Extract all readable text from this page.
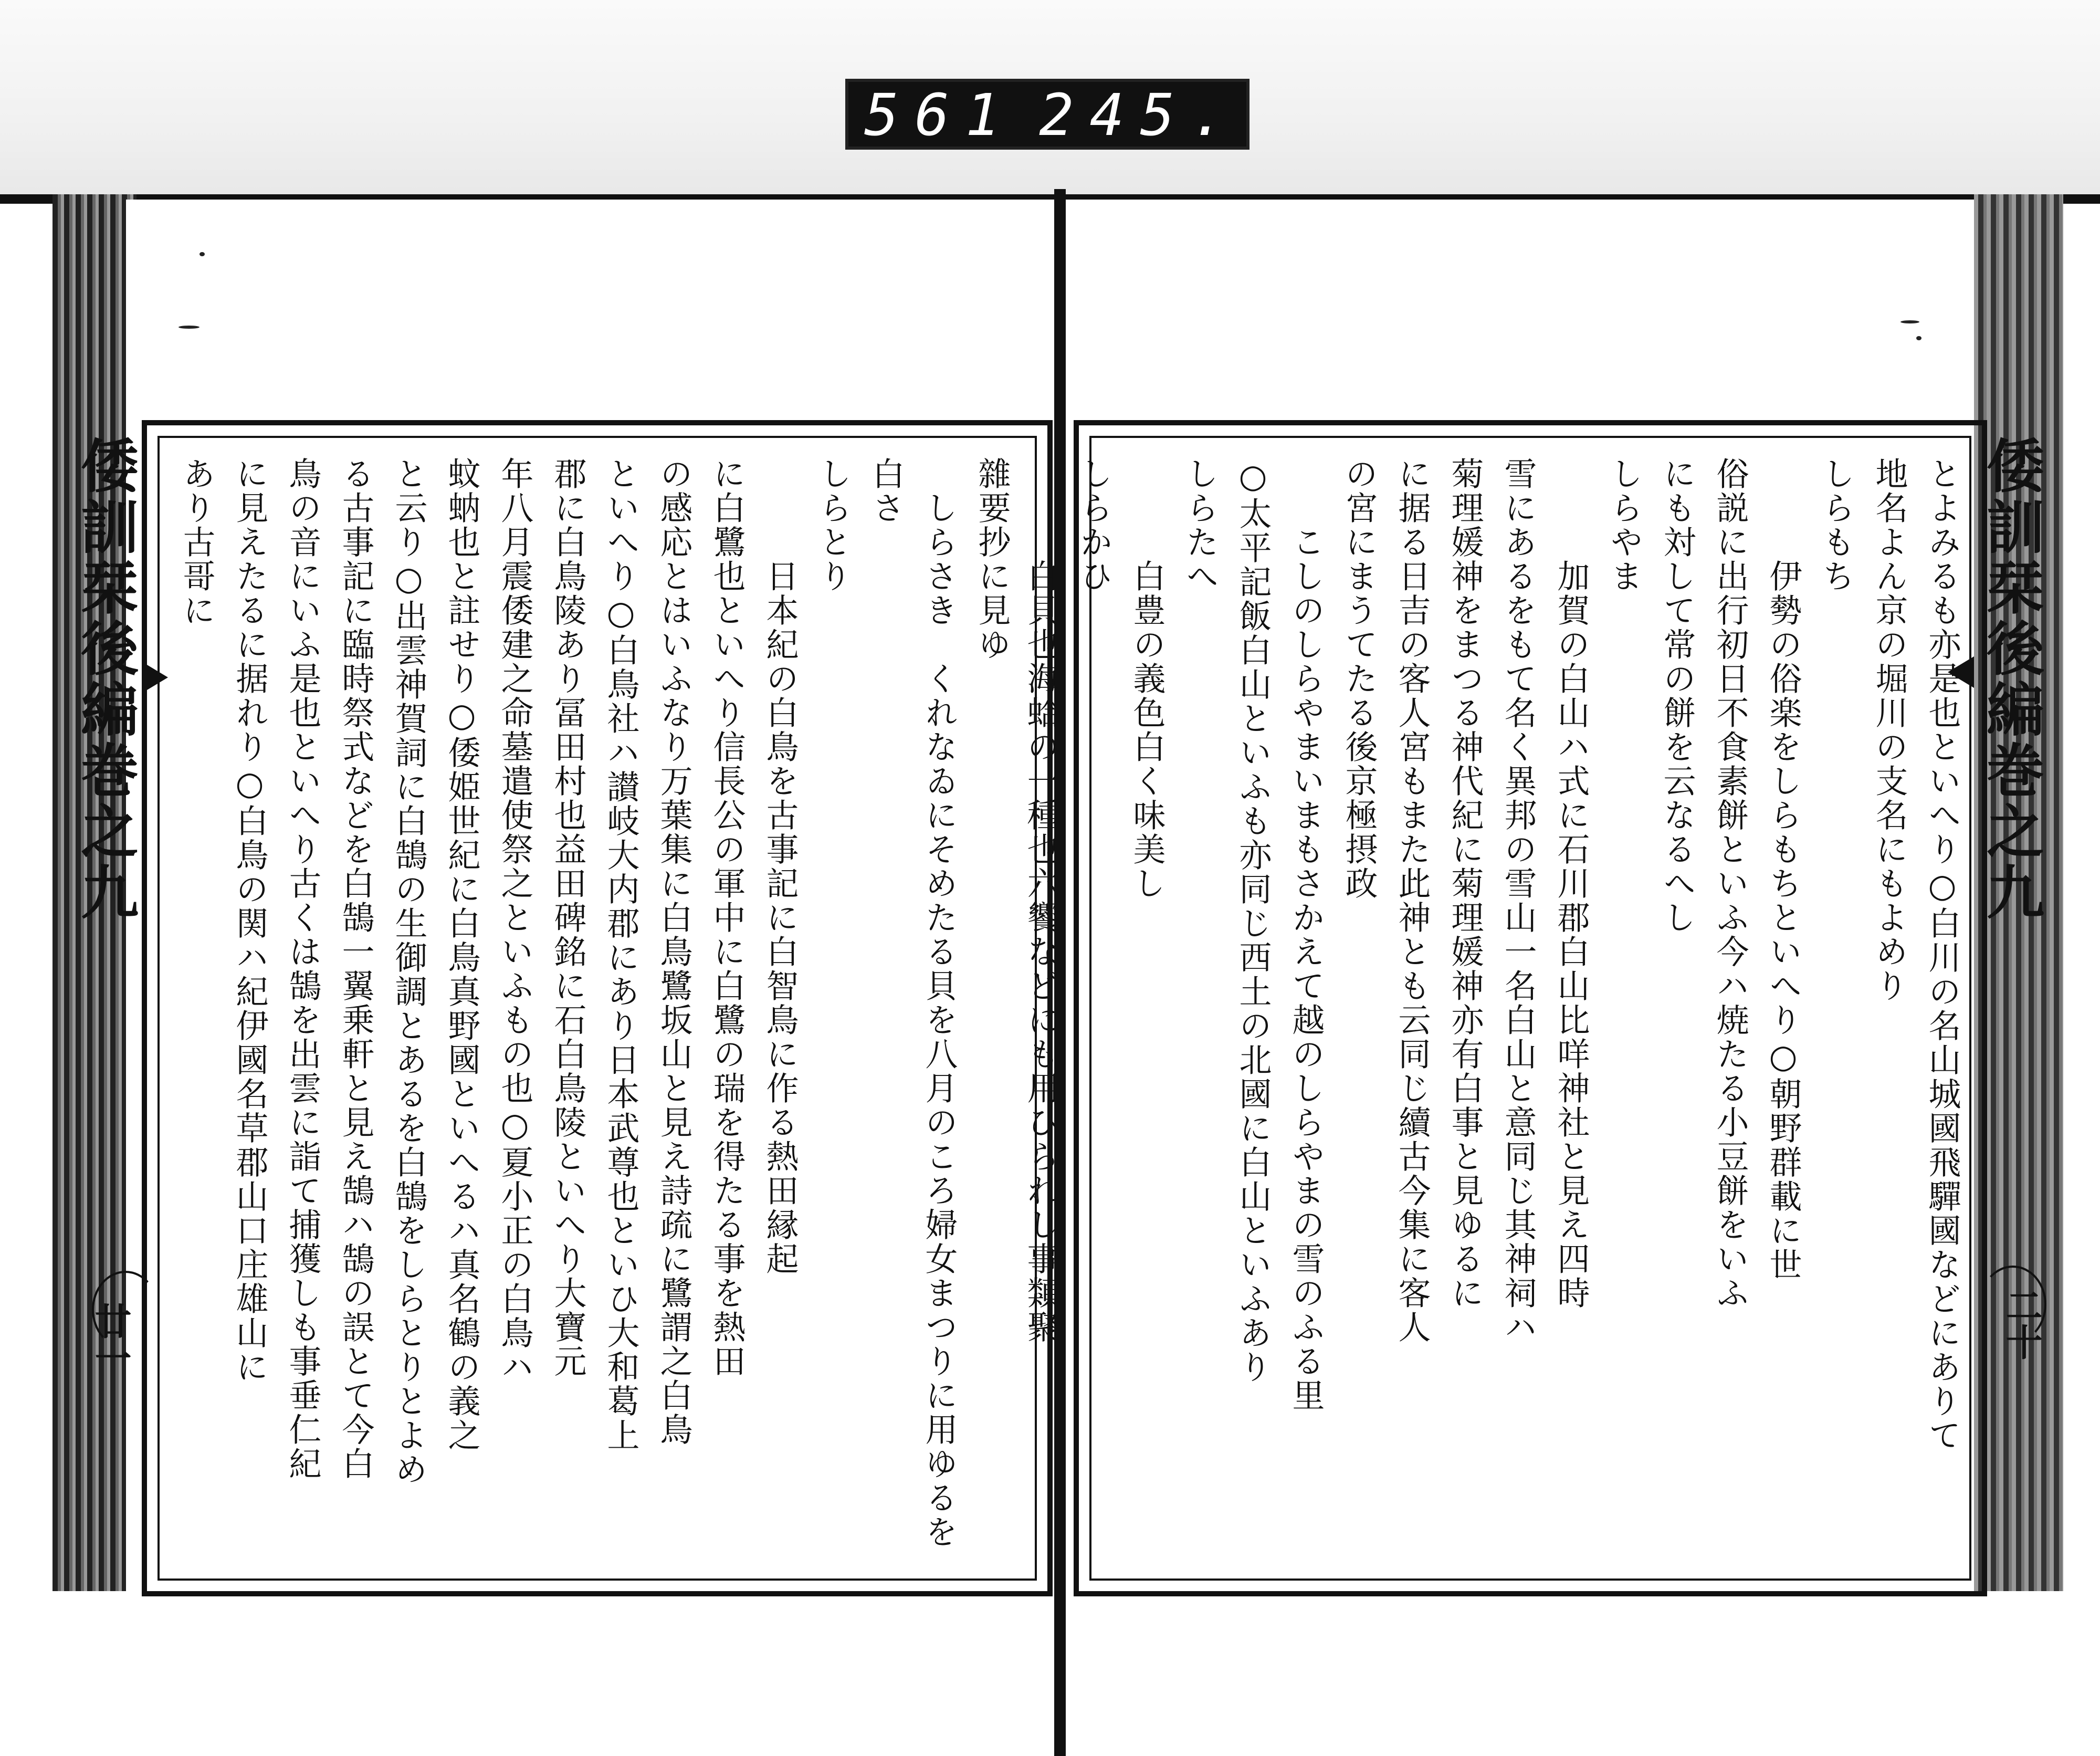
561 245.
倭訓栞後編巻之九	倭訓栞後編巻之九
廿一	二十
とよみるも亦是也といへり○白川の名山城國飛驒國などにありて
地名よん京の堀川の支名にもよめり
しらもち
　　　伊勢の俗楽をしらもちといへり○朝野群載に世
俗説に出行初日不食素餅といふ今ハ焼たる小豆餅をいふ
にも対して常の餅を云なるへし
しらやま
　　　加賀の白山ハ式に石川郡白山比咩神社と見え四時
雪にあるをもて名く異邦の雪山一名白山と意同じ其神祠ハ
菊理媛神をまつる神代紀に菊理媛神亦有白事と見ゆるに
に据る日吉の客人宮もまた此神とも云同じ續古今集に客人
の宮にまうてたる後京極摂政
　　こしのしらやまいまもさかえて越のしらやまの雪のふる里
○太平記飯白山といふも亦同じ西土の北國に白山といふあり
しらたへ
　　　白豊の義色白く味美し
しらかひ
　　　白貝也海蛤の一種也六饗などにも用ひられし事類聚
雜要抄に見ゆ
　しらさき　くれなゐにそめたる貝を八月のころ婦女まつりに用ゆるを白さ
しらとり
　　　日本紀の白鳥を古事記に白智鳥に作る熱田縁起
に白鷺也といへり信長公の軍中に白鷺の瑞を得たる事を熱田
の感応とはいふなり万葉集に白鳥鷺坂山と見え詩疏に鷺謂之白鳥
といへり○白鳥社ハ讃岐大内郡にあり日本武尊也といひ大和葛上
郡に白鳥陵あり冨田村也益田碑銘に石白鳥陵といへり大寶元
年八月震倭建之命墓遣使祭之といふもの也○夏小正の白鳥ハ
蚊蚋也と註せり○倭姫世紀に白鳥真野國といへるハ真名鶴の義之
と云り○出雲神賀詞に白鵠の生御調とあるを白鵠をしらとりとよめ
る古事記に臨時祭式などを白鵠一翼乗軒と見え鵠ハ鵠の誤とて今白
鳥の音にいふ是也といへり古くは鵠を出雲に詣て捕獲しも事垂仁紀
に見えたるに据れり○白鳥の関ハ紀伊國名草郡山口庄雄山に
あり古哥に
